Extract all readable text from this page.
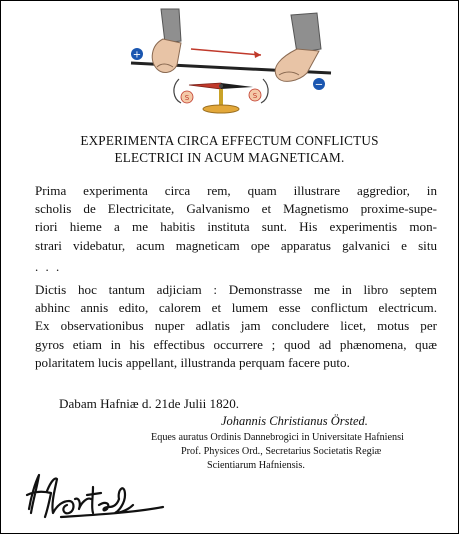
+
−
S	S
EXPERIMENTA CIRCA EFFECTUM CONFLICTUS
ELECTRICI IN ACUM MAGNETICAM.
Prima experimenta circa rem, quam illustrare aggredior, in
scholis de Electricitate, Galvanismo et Magnetismo proxime-supe-
riori hieme a me habitis instituta sunt. His experimentis mon-
strari videbatur, acum magneticam ope apparatus galvanici e situ
. . .
Dictis hoc tantum adjiciam : Demonstrasse me in libro septem
abhinc annis edito, calorem et lumem esse conflictum electricum.
Ex observationibus nuper adlatis jam concludere licet, motus per
gyros etiam in his effectibus occurrere ; quod ad phænomena, quæ
polaritatem lucis appellant, illustranda perquam facere puto.
Dabam Hafniæ d. 21de Julii 1820.
Johannis Christianus Örsted.
Eques auratus Ordinis Dannebrogici in Universitate Hafniensi
Prof. Physices Ord., Secretarius Societatis Regiæ
Scientiarum Hafniensis.
